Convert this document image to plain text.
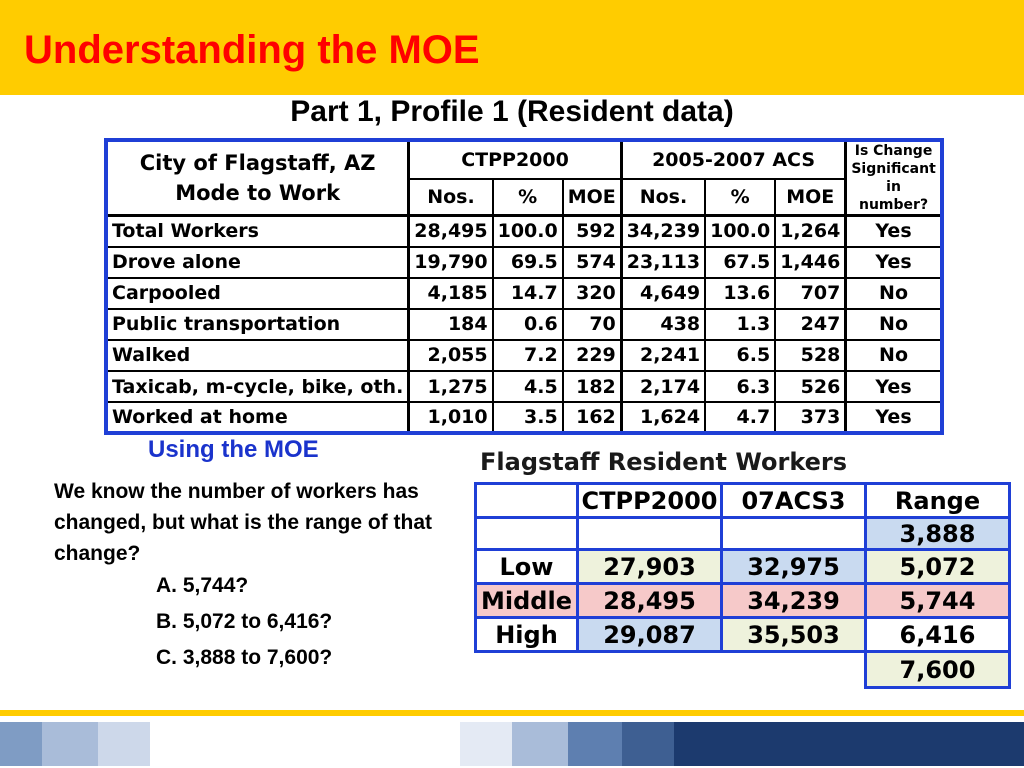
Understanding the MOE
Part 1, Profile 1 (Resident data)
City of Flagstaff, AZ
Mode to Work	CTPP2000			2005-2007 ACS			Is Change Significant in number?
	Nos.	%	MOE	Nos.	%	MOE	
Total Workers	28,495	100.0	592	34,239	100.0	1,264	Yes
Drove alone	19,790	69.5	574	23,113	67.5	1,446	Yes
Carpooled	4,185	14.7	320	4,649	13.6	707	No
Public transportation	184	0.6	70	438	1.3	247	No
Walked	2,055	7.2	229	2,241	6.5	528	No
Taxicab, m-cycle, bike, oth.	1,275	4.5	182	2,174	6.3	526	Yes
Worked at home	1,010	3.5	162	1,624	4.7	373	Yes
Using the MOE
We know the number of workers has changed, but what is the range of that change?
A. 5,744?
B. 5,072 to 6,416?
C. 3,888 to 7,600?
Flagstaff Resident Workers
	CTPP2000	07ACS3	Range
			3,888
Low	27,903	32,975	5,072
Middle	28,495	34,239	5,744
High	29,087	35,503	6,416
			7,600
